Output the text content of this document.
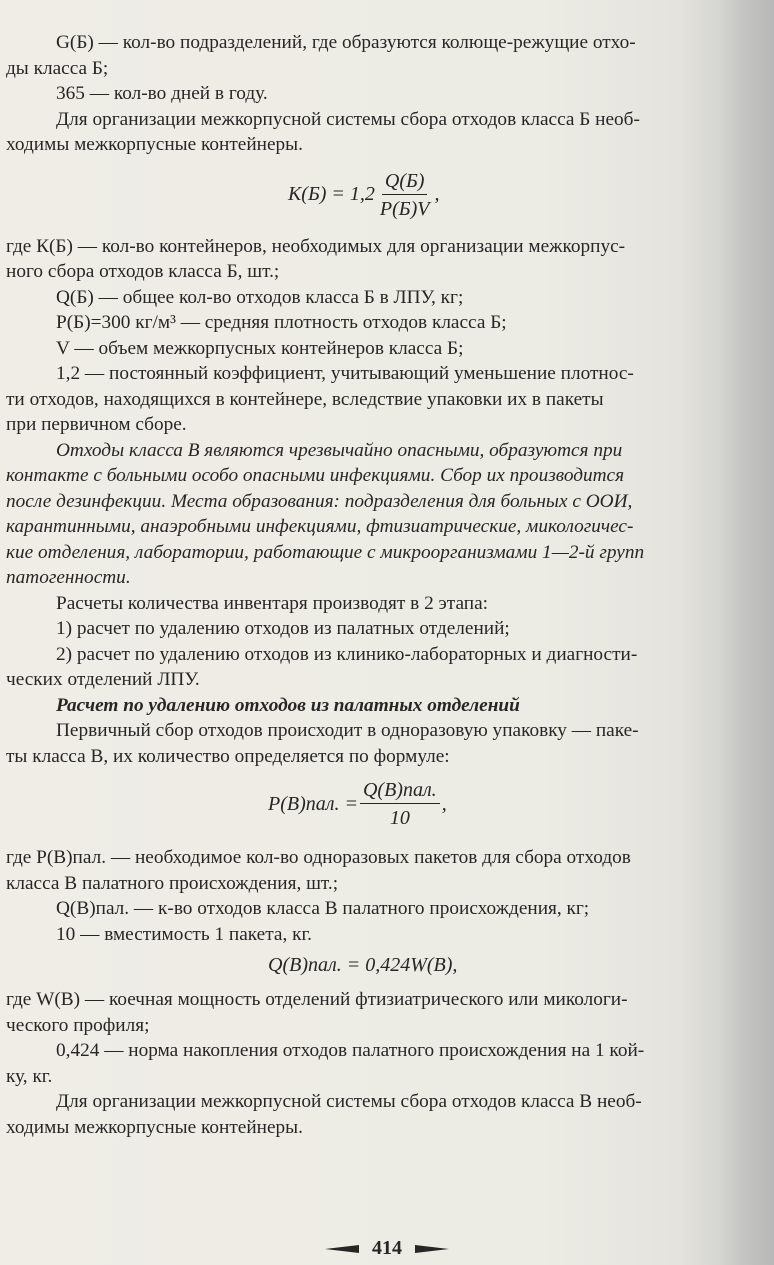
G(Б) — кол-во подразделений, где образуются колюще-режущие отхо-

ды класса Б;

365 — кол-во дней в году.

Для организации межкорпусной системы сбора отходов класса Б необ-

ходимы межкорпусные контейнеры.

$К(Б) = 1,2 \frac{Q(Б)}{Р(Б)V}$ ,

где К(Б) — кол-во контейнеров, необходимых для организации межкорпус-

ного сбора отходов класса Б, шт.;

Q(Б) — общее кол-во отходов класса Б в ЛПУ, кг;

Р(Б)=300 кг/м³ — средняя плотность отходов класса Б;

V — объем межкорпусных контейнеров класса Б;

1,2 — постоянный коэффициент, учитывающий уменьшение плотнос-

ти отходов, находящихся в контейнере, вследствие упаковки их в пакеты

при первичном сборе.

Отходы класса В являются чрезвычайно опасными, образуются при

контакте с больными особо опасными инфекциями. Сбор их производится

после дезинфекции. Места образования: подразделения для больных с ООИ,

карантинными, анаэробными инфекциями, фтизиатрические, микологичес-

кие отделения, лаборатории, работающие с микроорганизмами 1—2-й групп

патогенности.

Расчеты количества инвентаря производят в 2 этапа:

1) расчет по удалению отходов из палатных отделений;

2) расчет по удалению отходов из клинико-лабораторных и диагности-

ческих отделений ЛПУ.

Расчет по удалению отходов из палатных отделений

Первичный сбор отходов происходит в одноразовую упаковку — паке-

ты класса В, их количество определяется по формуле:

Р(В)пал. = $\frac{\text{Q(В)пал.}}{10}$ ,

где Р(В)пал. — необходимое кол-во одноразовых пакетов для сбора отходов

класса В палатного происхождения, шт.;

Q(В)пал. — к-во отходов класса В палатного происхождения, кг;

10 — вместимость 1 пакета, кг.

Q(В)пал. = 0,424W(В),

где W(В) — коечная мощность отделений фтизиатрического или микологи-

ческого профиля;

0,424 — норма накопления отходов палатного происхождения на 1 кой-

ку, кг.

Для организации межкорпусной системы сбора отходов класса В необ-

ходимы межкорпусные контейнеры.

414
